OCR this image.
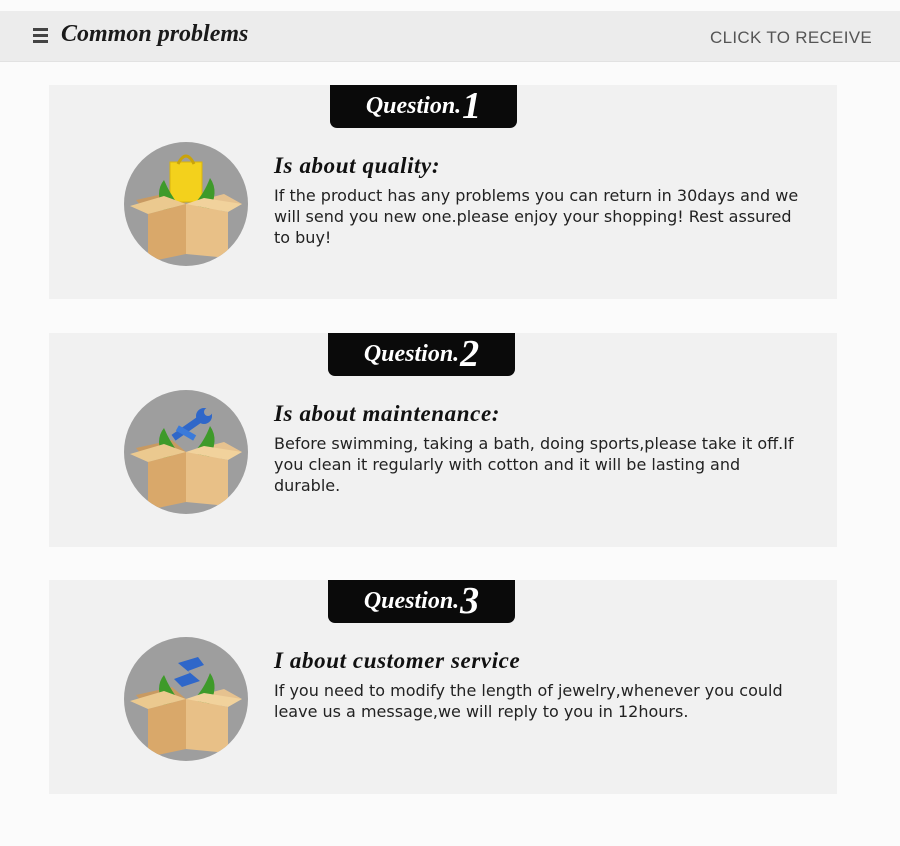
Common problems	CLICK TO RECEIVE
Question.1
Is about quality:
If the product has any problems you can return in 30days and we will send you new one.please enjoy your shopping! Rest assured to buy!
Question.2
Is about maintenance:
Before swimming, taking a bath, doing sports,please take it off.If you clean it regularly with cotton and it will be lasting and durable.
Question.3
I about customer service
If you need to modify the length of jewelry,whenever you could leave us a message,we will reply to you in 12hours.
